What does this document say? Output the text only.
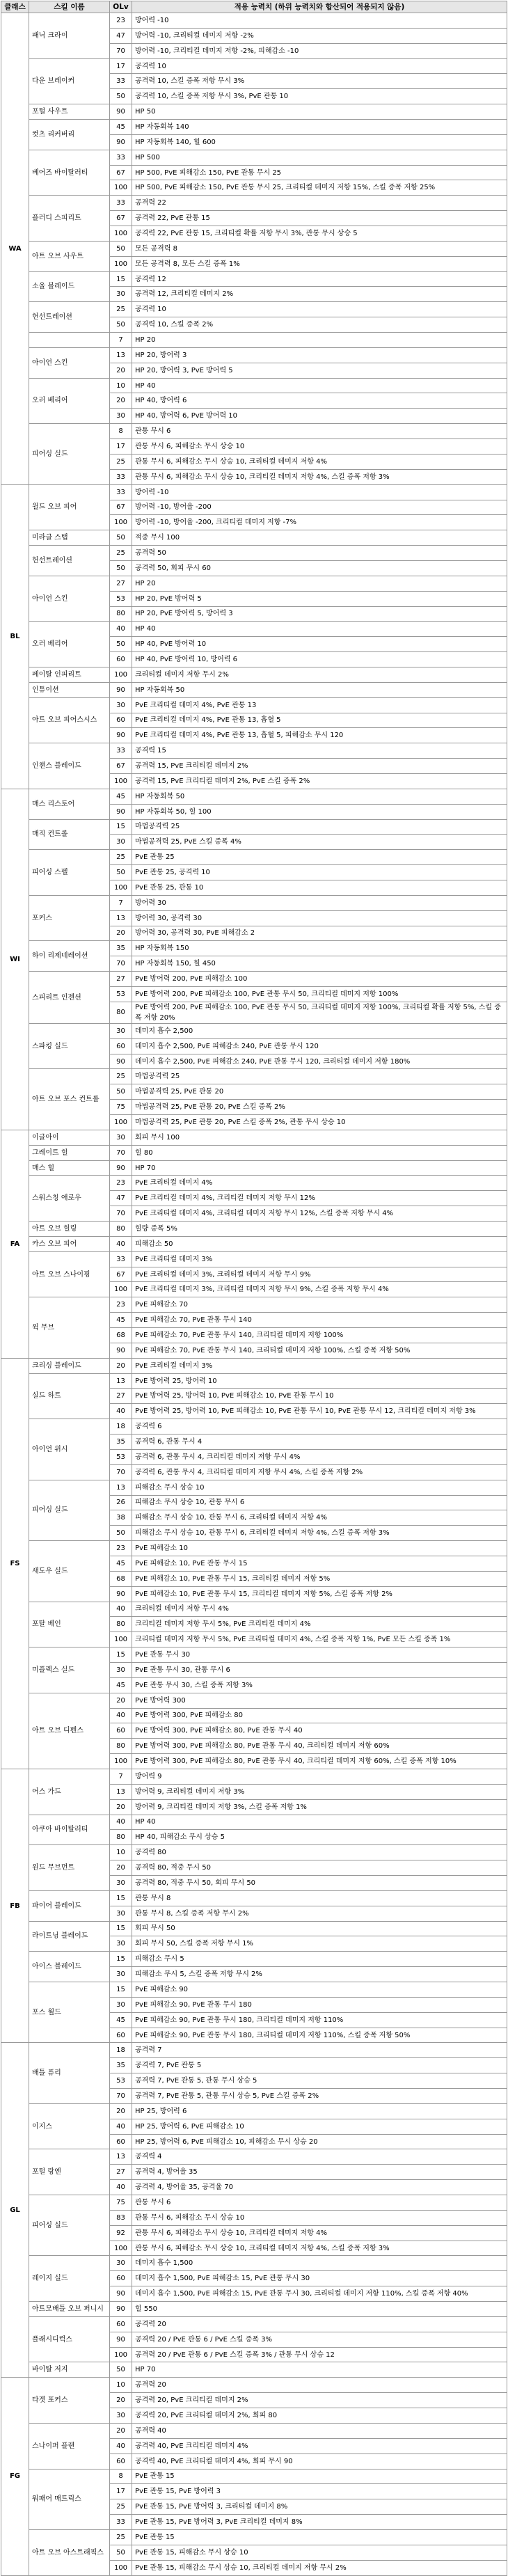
클래스	스킬 이름	OLv	적용 능력치 (하위 능력치와 합산되어 적용되지 않음)
WA	패닉 크라이	23	방어력 -10
		47	방어력 -10, 크리티컬 데미지 저항 -2%
		70	방어력 -10, 크리티컬 데미지 저항 -2%, 피해감소 -10
	다운 브레이커	17	공격력 10
		33	공격력 10, 스킬 증폭 저항 무시 3%
		50	공격력 10, 스킬 증폭 저항 무시 3%, PvE 관통 10
	포털 사우트	90	HP 50
	컷츠 리커버리	45	HP 자동회복 140
		90	HP 자동회복 140, 힐 600
	베어즈 바이탈러티	33	HP 500
		67	HP 500, PvE 피해감소 150, PvE 관통 무시 25
		100	HP 500, PvE 피해감소 150, PvE 관통 무시 25, 크리티컬 데미지 저항 15%, 스킬 증폭 저항 25%
	플러디 스피리트	33	공격력 22
		67	공격력 22, PvE 관통 15
		100	공격력 22, PvE 관통 15, 크리티컬 확률 저항 무시 3%, 관통 무시 상승 5
	아트 오브 사우트	50	모든 공격력 8
		100	모든 공격력 8, 모든 스킬 증폭 1%
	소울 블레이드	15	공격력 12
		30	공격력 12, 크리티컬 데미지 2%
	헌선트레이션	25	공격력 10
		50	공격력 10, 스킬 증폭 2%
		7	HP 20
	아이언 스킨	13	HP 20, 방어력 3
		20	HP 20, 방어력 3, PvE 방어력 5
	오러 베리어	10	HP 40
		20	HP 40, 방어력 6
		30	HP 40, 방어력 6, PvE 방어력 10
	피어싱 실드	8	관통 무시 6
		17	관통 무시 6, 피해감소 무시 상승 10
		25	관통 무시 6, 피해감소 무시 상승 10, 크리티컬 데미지 저항 4%
		33	관통 무시 6, 피해감소 무시 상승 10, 크리티컬 데미지 저항 4%, 스킬 증폭 저항 3%
BL	윌드 오브 피어	33	방어력 -10
		67	방어력 -10, 방어율 -200
		100	방어력 -10, 방어율 -200, 크리티컬 데미지 저항 -7%
	미라클 스탭	50	적중 무시 100
	헌선트레이션	25	공격력 50
		50	공격력 50, 회피 무시 60
	아이언 스킨	27	HP 20
		53	HP 20, PvE 방어력 5
		80	HP 20, PvE 방어력 5, 방어력 3
	오러 베리어	40	HP 40
		50	HP 40, PvE 방어력 10
		60	HP 40, PvE 방어력 10, 방어력 6
	페이탈 인피리트	100	크리티컬 데미지 저항 무시 2%
	인튜이션	90	HP 자동회복 50
	아트 오브 피어스시스	30	PvE 크리티컬 데미지 4%, PvE 관통 13
		60	PvE 크리티컬 데미지 4%, PvE 관통 13, 흡혈 5
		90	PvE 크리티컬 데미지 4%, PvE 관통 13, 흡혈 5, 피해감소 무시 120
	인챈스 블레이드	33	공격력 15
		67	공격력 15, PvE 크리티컬 데미지 2%
		100	공격력 15, PvE 크리티컬 데미지 2%, PvE 스킬 증폭 2%
WI	매스 리스토어	45	HP 자동회복 50
		90	HP 자동회복 50, 힐 100
	매직 컨트롤	15	마법공격력 25
		30	마법공격력 25, PvE 스킬 증폭 4%
	피어싱 스펠	25	PvE 관통 25
		50	PvE 관통 25, 공격력 10
		100	PvE 관통 25, 관통 10
	포커스	7	방어력 30
		13	방어력 30, 공격력 30
		20	방어력 30, 공격력 30, PvE 피해감소 2
	하이 리제네레이션	35	HP 자동회복 150
		70	HP 자동회복 150, 힐 450
	스피리트 인젠션	27	PvE 방어력 200, PvE 피해감소 100
		53	PvE 방어력 200, PvE 피해감소 100, PvE 관통 무시 50, 크리티컬 데미지 저항 100%
		80	PvE 방어력 200, PvE 피해감소 100, PvE 관통 무시 50, 크리티컬 데미지 저항 100%, 크리티컬 확률 저항 5%, 스킬 증폭 저항 20%
	스파킹 실드	30	데미지 흡수 2,500
		60	데미지 흡수 2,500, PvE 피해감소 240, PvE 관통 무시 120
		90	데미지 흡수 2,500, PvE 피해감소 240, PvE 관통 무시 120, 크리티컬 데미지 저항 180%
	아트 오브 포스 컨트롤	25	마법공격력 25
		50	마법공격력 25, PvE 관통 20
		75	마법공격력 25, PvE 관통 20, PvE 스킬 증폭 2%
		100	마법공격력 25, PvE 관통 20, PvE 스킬 증폭 2%, 관통 무시 상승 10
FA	이글아이	30	회피 무시 100
	그레이트 힐	70	힐 80
	매스 힐	90	HP 70
	스워스칭 애로우	23	PvE 크리티컬 데미지 4%
		47	PvE 크리티컬 데미지 4%, 크리티컬 데미지 저항 무시 12%
		70	PvE 크리티컬 데미지 4%, 크리티컬 데미지 저항 무시 12%, 스킬 증폭 저항 무시 4%
	아트 오브 힐링	80	힐량 증폭 5%
	카스 오브 피어	40	피해감소 50
	아트 오브 스나이핑	33	PvE 크리티컬 데미지 3%
		67	PvE 크리티컬 데미지 3%, 크리티컬 데미지 저항 무시 9%
		100	PvE 크리티컬 데미지 3%, 크리티컬 데미지 저항 무시 9%, 스킬 증폭 저항 무시 4%
	윅 무브	23	PvE 피해감소 70
		45	PvE 피해감소 70, PvE 관통 무시 140
		68	PvE 피해감소 70, PvE 관통 무시 140, 크리티컬 데미지 저항 100%
		90	PvE 피해감소 70, PvE 관통 무시 140, 크리티컬 데미지 저항 100%, 스킬 증폭 저항 50%
FS	크리싱 블레이드	20	PvE 크리티컬 데미지 3%
	실드 하트	13	PvE 방어력 25, 방어력 10
		27	PvE 방어력 25, 방어력 10, PvE 피해감소 10, PvE 관통 무시 10
		40	PvE 방어력 25, 방어력 10, PvE 피해감소 10, PvE 관통 무시 10, PvE 관통 무시 12, 크리티컬 데미지 저항 3%
	아이언 위시	18	공격력 6
		35	공격력 6, 관통 무시 4
		53	공격력 6, 관통 무시 4, 크리티컬 데미지 저항 무시 4%
		70	공격력 6, 관통 무시 4, 크리티컬 데미지 저항 무시 4%, 스킬 증폭 저항 2%
	피어싱 실드	13	피해감소 무시 상승 10
		26	피해감소 무시 상승 10, 관통 무시 6
		38	피해감소 무시 상승 10, 관통 무시 6, 크리티컬 데미지 저항 4%
		50	피해감소 무시 상승 10, 관통 무시 6, 크리티컬 데미지 저항 4%, 스킬 증폭 저항 3%
	새도우 실드	23	PvE 피해감소 10
		45	PvE 피해감소 10, PvE 관통 무시 15
		68	PvE 피해감소 10, PvE 관통 무시 15, 크리티컬 데미지 저항 5%
		90	PvE 피해감소 10, PvE 관통 무시 15, 크리티컬 데미지 저항 5%, 스킬 증폭 저항 2%
	포탈 베인	40	크리티컬 데미지 저항 무시 4%
		80	크리티컬 데미지 저항 무시 5%, PvE 크리티컬 데미지 4%
		100	크리티컬 데미지 저항 무시 5%, PvE 크리티컬 데미지 4%, 스킬 증폭 저항 1%, PvE 모든 스킬 증폭 1%
	미플렉스 실드	15	PvE 관통 무시 30
		30	PvE 관통 무시 30, 관통 무시 6
		45	PvE 관통 무시 30, 스킬 증폭 저항 3%
	아트 오브 디펜스	20	PvE 방어력 300
		40	PvE 방어력 300, PvE 피해감소 80
		60	PvE 방어력 300, PvE 피해감소 80, PvE 관통 무시 40
		80	PvE 방어력 300, PvE 피해감소 80, PvE 관통 무시 40, 크리티컬 데미지 저항 60%
		100	PvE 방어력 300, PvE 피해감소 80, PvE 관통 무시 40, 크리티컬 데미지 저항 60%, 스킬 증폭 저항 10%
FB	어스 가드	7	방어력 9
		13	방어력 9, 크리티컬 데미지 저항 3%
		20	방어력 9, 크리티컬 데미지 저항 3%, 스킬 증폭 저항 1%
	아쿠아 바이탈러티	40	HP 40
		80	HP 40, 피해감소 무시 상승 5
	윈드 무브먼트	10	공격력 80
		20	공격력 80, 적중 무시 50
		30	공격력 80, 적중 무시 50, 회피 무시 50
	파이어 블레이드	15	관통 무시 8
		30	관통 무시 8, 스킬 증폭 저항 무시 2%
	라이트닝 블레이드	15	회피 무시 50
		30	회피 무시 50, 스킬 증폭 저항 무시 1%
	아이스 블레이드	15	피해감소 무시 5
		30	피해감소 무시 5, 스킬 증폭 저항 무시 2%
	포스 월드	15	PvE 피해감소 90
		30	PvE 피해감소 90, PvE 관통 무시 180
		45	PvE 피해감소 90, PvE 관통 무시 180, 크리티컬 데미지 저항 110%
		60	PvE 피해감소 90, PvE 관통 무시 180, 크리티컬 데미지 저항 110%, 스킬 증폭 저항 50%
GL	배틀 퓨리	18	공격력 7
		35	공격력 7, PvE 관통 5
		53	공격력 7, PvE 관통 5, 관통 무시 상승 5
		70	공격력 7, PvE 관통 5, 관통 무시 상승 5, PvE 스킬 증폭 2%
	이지스	20	HP 25, 방어력 6
		40	HP 25, 방어력 6, PvE 피해감소 10
		60	HP 25, 방어력 6, PvE 피해감소 10, 피해감소 무시 상승 20
	포털 랑엔	13	공격력 4
		27	공격력 4, 방어율 35
		40	공격력 4, 방어율 35, 공격율 70
	피어싱 실드	75	관통 무시 6
		83	관통 무시 6, 피해감소 무시 상승 10
		92	관통 무시 6, 피해감소 무시 상승 10, 크리티컬 데미지 저항 4%
		100	관통 무시 6, 피해감소 무시 상승 10, 크리티컬 데미지 저항 4%, 스킬 증폭 저항 3%
	레이지 실드	30	데미지 흡수 1,500
		60	데미지 흡수 1,500, PvE 피해감소 15, PvE 관통 무시 30
		90	데미지 흡수 1,500, PvE 피해감소 15, PvE 관통 무시 30, 크리티컬 데미지 저항 110%, 스킬 증폭 저항 40%
	아트모배틀 오브 퍼니시	90	힐 550
	플래시디럭스	60	공격력 20
		90	공격력 20 / PvE 관통 6 / PvE 스킬 증폭 3%
		100	공격력 20 / PvE 관통 6 / PvE 스킬 증폭 3% / 관통 무시 상승 12
	바이탈 저지	50	HP 70
FG	타겟 포커스	10	공격력 20
		20	공격력 20, PvE 크리티컬 데미지 2%
		30	공격력 20, PvE 크리티컬 데미지 2%, 회피 80
	스나이퍼 플랜	20	공격력 40
		40	공격력 40, PvE 크리티컬 데미지 4%
		60	공격력 40, PvE 크리티컬 데미지 4%, 회피 무시 90
	워패어 매트릭스	8	PvE 관통 15
		17	PvE 관통 15, PvE 방어력 3
		25	PvE 관통 15, PvE 방어력 3, 크리티컬 데미지 8%
		33	PvE 관통 15, PvE 방어력 3, PvE 크리티컬 데미지 8%
	아트 오브 아스트래픽스	25	PvE 관통 15
		50	PvE 관통 15, 피해감소 무시 상승 10
		100	PvE 관통 15, 피해감소 무시 상승 10, 크리티컬 데미지 저항 무시 2%
